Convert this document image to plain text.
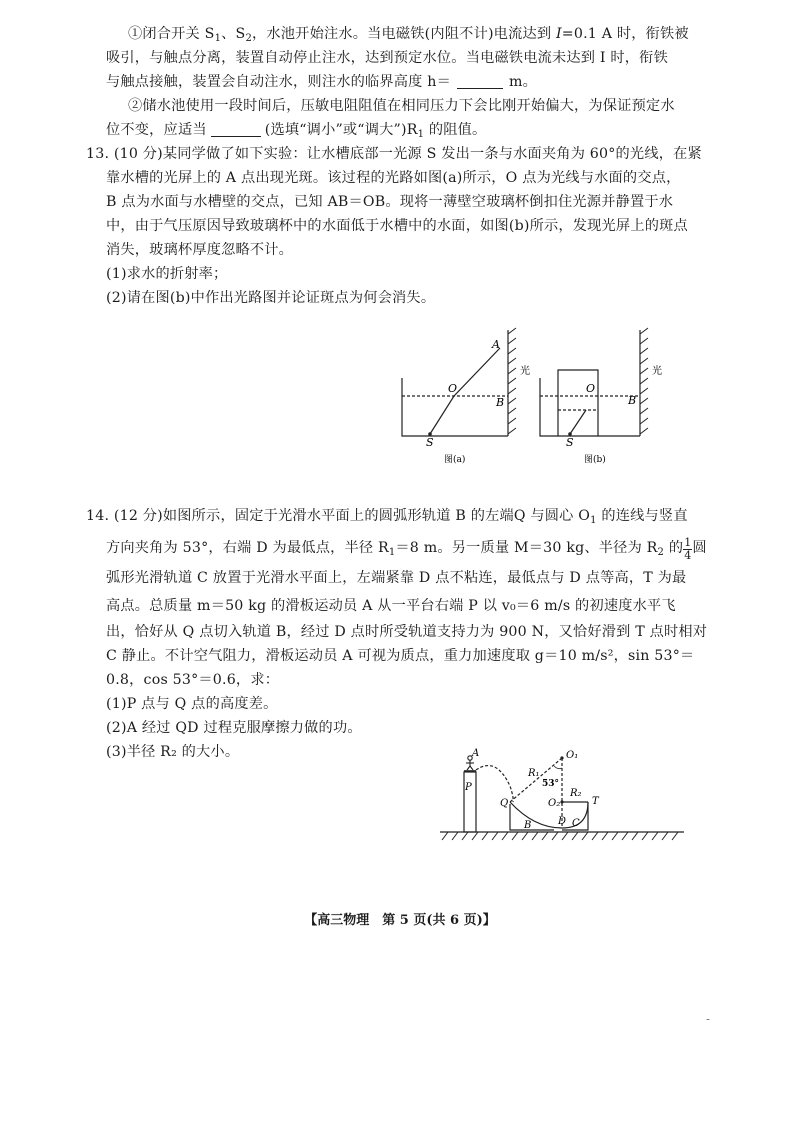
①闭合开关 $S_1$、$S_2$，水池开始注水。当电磁铁(内阻不计)电流达到 I=0.1 A 时，衔铁被
吸引，与触点分离，装置自动停止注水，达到预定水位。当电磁铁电流未达到 I 时，衔铁
与触点接触，装置会自动注水，则注水的临界高度 h＝	m。
②储水池使用一段时间后，压敏电阻阻值在相同压力下会比刚开始偏大，为保证预定水
位不变，应适当	(选填“调小”或“调大$”)R_1$ 的阻值。
13. (10 分)某同学做了如下实验：让水槽底部一光源 S 发出一条与水面夹角为 60°的光线，在紧
靠水槽的光屏上的 A 点出现光斑。该过程的光路如图(a)所示，O 点为光线与水面的交点，
B 点为水面与水槽壁的交点，已知 AB＝OB。现将一薄壁空玻璃杯倒扣住光源并静置于水
中，由于气压原因导致玻璃杯中的水面低于水槽中的水面，如图(b)所示，发现光屏上的斑点
消失，玻璃杯厚度忽略不计。
(1)求水的折射率；
(2)请在图(b)中作出光路图并论证斑点为何会消失。
A
O
B
S
光
图(a)
O
B
S
光
图(b)
14. (12 分)如图所示，固定于光滑水平面上的圆弧形轨道 B 的左端Q 与圆心 $O_1$ 的连线与竖直
方向夹角为 53°，右端 D 为最低点，半径 $R_1=8$ m。另一质量 M＝30 kg、半径为 $R_2$ 的 $\frac{1}{4}$ 圆
弧形光滑轨道 C 放置于光滑水平面上，左端紧靠 D 点不粘连，最低点与 D 点等高，T 为最
高点。总质量 m＝50 kg 的滑板运动员 A 从一平台右端 P 以 v₀＝6 m/s 的初速度水平飞
出，恰好从 Q 点切入轨道 B，经过 D 点时所受轨道支持力为 900 N，又恰好滑到 T 点时相对
C 静止。不计空气阻力，滑板运动员 A 可视为质点，重力加速度取 g＝10 m/s²，sin 53°＝
0.8，cos 53°＝0.6，求：
(1)P 点与 Q 点的高度差。
(2)A 经过 QD 过程克服摩擦力做的功。
(3)半径 R₂ 的大小。	A
P
Q
B	D C
T
O₁
O₂
R₁
R₂
53°
【高三物理　第 5 页(共 6 页)】
-
